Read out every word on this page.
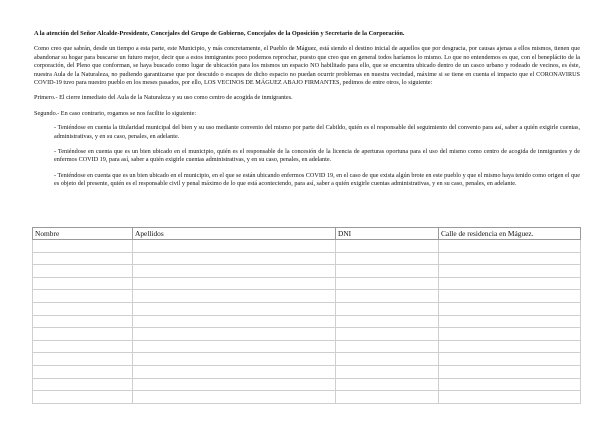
A la atención del Señor Alcalde-Presidente, Concejales del Grupo de Gobierno, Concejales de la Oposición y Secretario de la Corporación.

Como creo que sabrán, desde un tiempo a esta parte, este Municipio, y más concretamente, el Pueblo de Máguez, está siendo el destino inicial de aquellos que por desgracia, por causas ajenas a ellos mismos, tienen que abandonar su hogar para buscarse un futuro mejor, decir que a estos inmigrantes poco podemos reprochar, puesto que creo que en general todos haríamos lo mismo. Lo que no entendemos es que, con el beneplácito de la corporación, del Pleno que conforman, se haya buscado como lugar de ubicación para los mismos un espacio NO habilitado para ello, que se encuentra ubicado dentro de un casco urbano y rodeado de vecinos, es éste, nuestra Aula de la Naturaleza, no pudiendo garantizarse que por descuido o escapes de dicho espacio no puedan ocurrir problemas en nuestra vecindad, máxime si se tiene en cuenta el impacto que el CORONAVIRUS COVID-19 tuvo para nuestro pueblo en los meses pasados, por ello, LOS VECINOS DE MÁGUEZ ABAJO FIRMANTES, pedimos de entre otros, lo siguiente:

Primero.- El cierre inmediato del Aula de la Naturaleza y su uso como centro de acogida de inmigrantes.

Segundo.- En caso contrario, rogamos se nos facilite lo siguiente:

- Teniéndose en cuenta la titularidad municipal del bien y su uso mediante convenio del mismo por parte del Cabildo, quién es el responsable del seguimiento del convenio para así, saber a quién exigirle cuentas, administrativas, y en su caso, penales, en adelante.

- Teniéndose en cuenta que es un bien ubicado en el municipio, quién es el responsable de la concesión de la licencia de aperturas oportuna para el uso del mismo como centro de acogida de inmigrantes y de enfermos COVID 19, para así, saber a quién exigirle cuentas administrativas, y en su caso, penales, en adelante.

- Teniéndose en cuenta que es un bien ubicado en el municipio, en el que se están ubicando enfermos COVID 19, en el caso de que exista algún brote en este pueblo y que el mismo haya tenido como origen el que es objeto del presente, quién es el responsable civil y penal máximo de lo que está aconteciendo, para así, saber a quién exigirle cuentas administrativas, y en su caso, penales, en adelante.

Nombre	Apellidos	DNI	Calle de residencia en Máguez.
